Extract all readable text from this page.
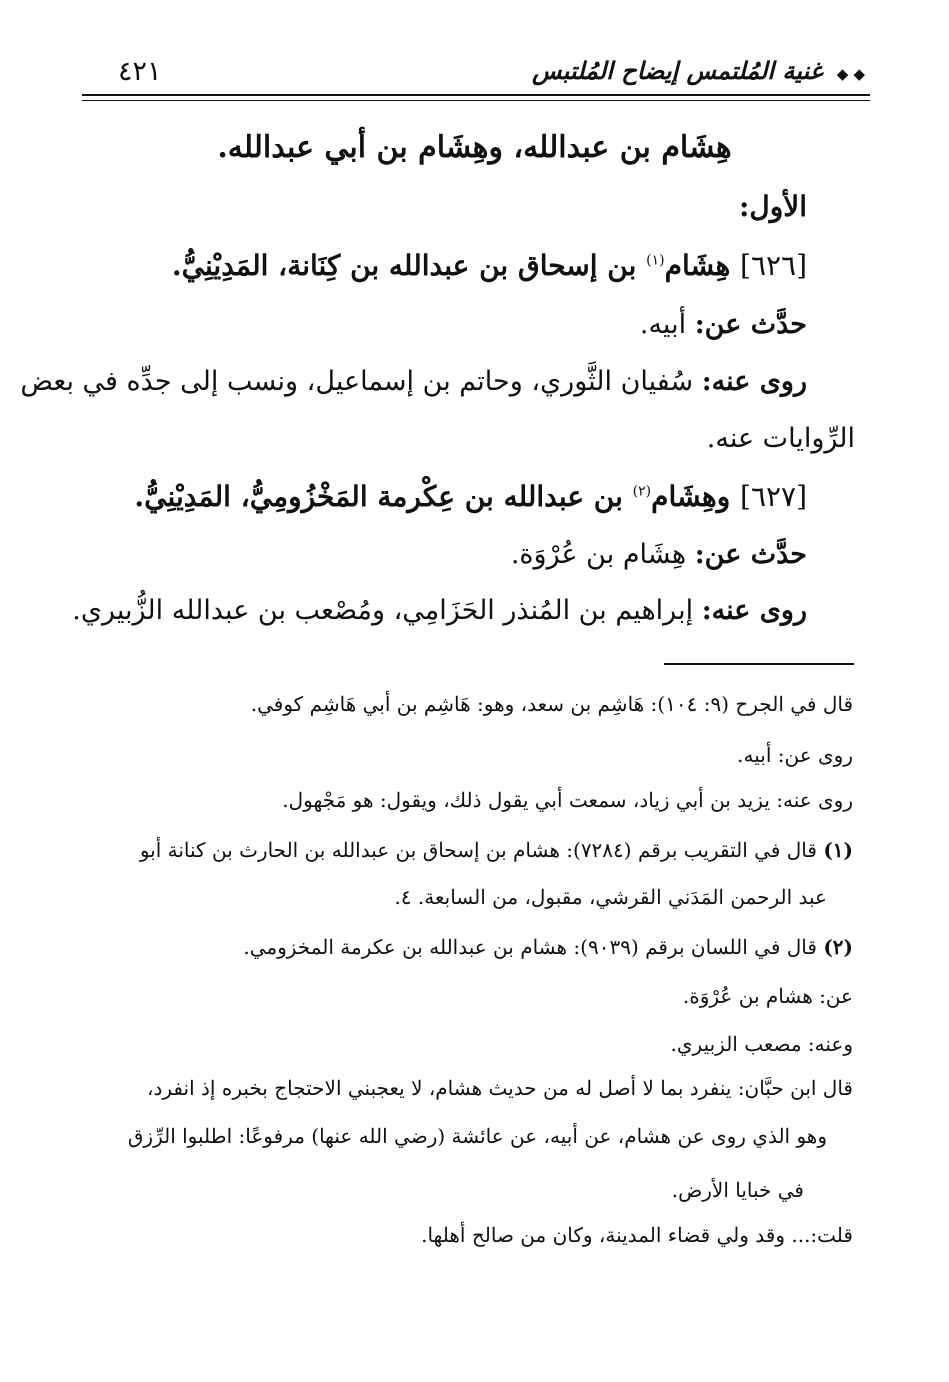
٤٢١	◆ ◆ غنية المُلتمس إيضاح المُلتبس
هِشَام بن عبدالله، وهِشَام بن أبي عبدالله.
الأول:
[٦٢٦] هِشَام$^{(١)}$ بن إسحاق بن عبدالله بن كِنَانة، المَدِيْنِيُّ.
حدَّث عن: أبيه.
روى عنه: سُفيان الثَّوري، وحاتم بن إسماعيل، ونسب إلى جدِّه في بعض
الرِّوايات عنه.
[٦٢٧] وهِشَام$^{(٢)}$ بن عبدالله بن عِكْرمة المَخْزُومِيُّ، المَدِيْنِيُّ.
حدَّث عن: هِشَام بن عُرْوَة.
روى عنه: إبراهيم بن المُنذر الحَزَامِي، ومُصْعب بن عبدالله الزُّبيري.
قال في الجرح (٩: ١٠٤): هَاشِم بن سعد، وهو: هَاشِم بن أبي هَاشِم كوفي.
روى عن: أبيه.
روى عنه: يزيد بن أبي زياد، سمعت أبي يقول ذلك، ويقول: هو مَجْهول.
(١) قال في التقريب برقم (٧٢٨٤): هشام بن إسحاق بن عبدالله بن الحارث بن كنانة أبو
عبد الرحمن المَدَني القرشي، مقبول، من السابعة. ٤.
(٢) قال في اللسان برقم (٩٠٣٩): هشام بن عبدالله بن عكرمة المخزومي.
عن: هشام بن عُرْوَة.
وعنه: مصعب الزبيري.
قال ابن حبَّان: ينفرد بما لا أصل له من حديث هشام، لا يعجبني الاحتجاج بخبره إذ انفرد،
وهو الذي روى عن هشام، عن أبيه، عن عائشة (رضي الله عنها) مرفوعًا: اطلبوا الرِّزق
في خبايا الأرض.
قلت:... وقد ولي قضاء المدينة، وكان من صالح أهلها.
